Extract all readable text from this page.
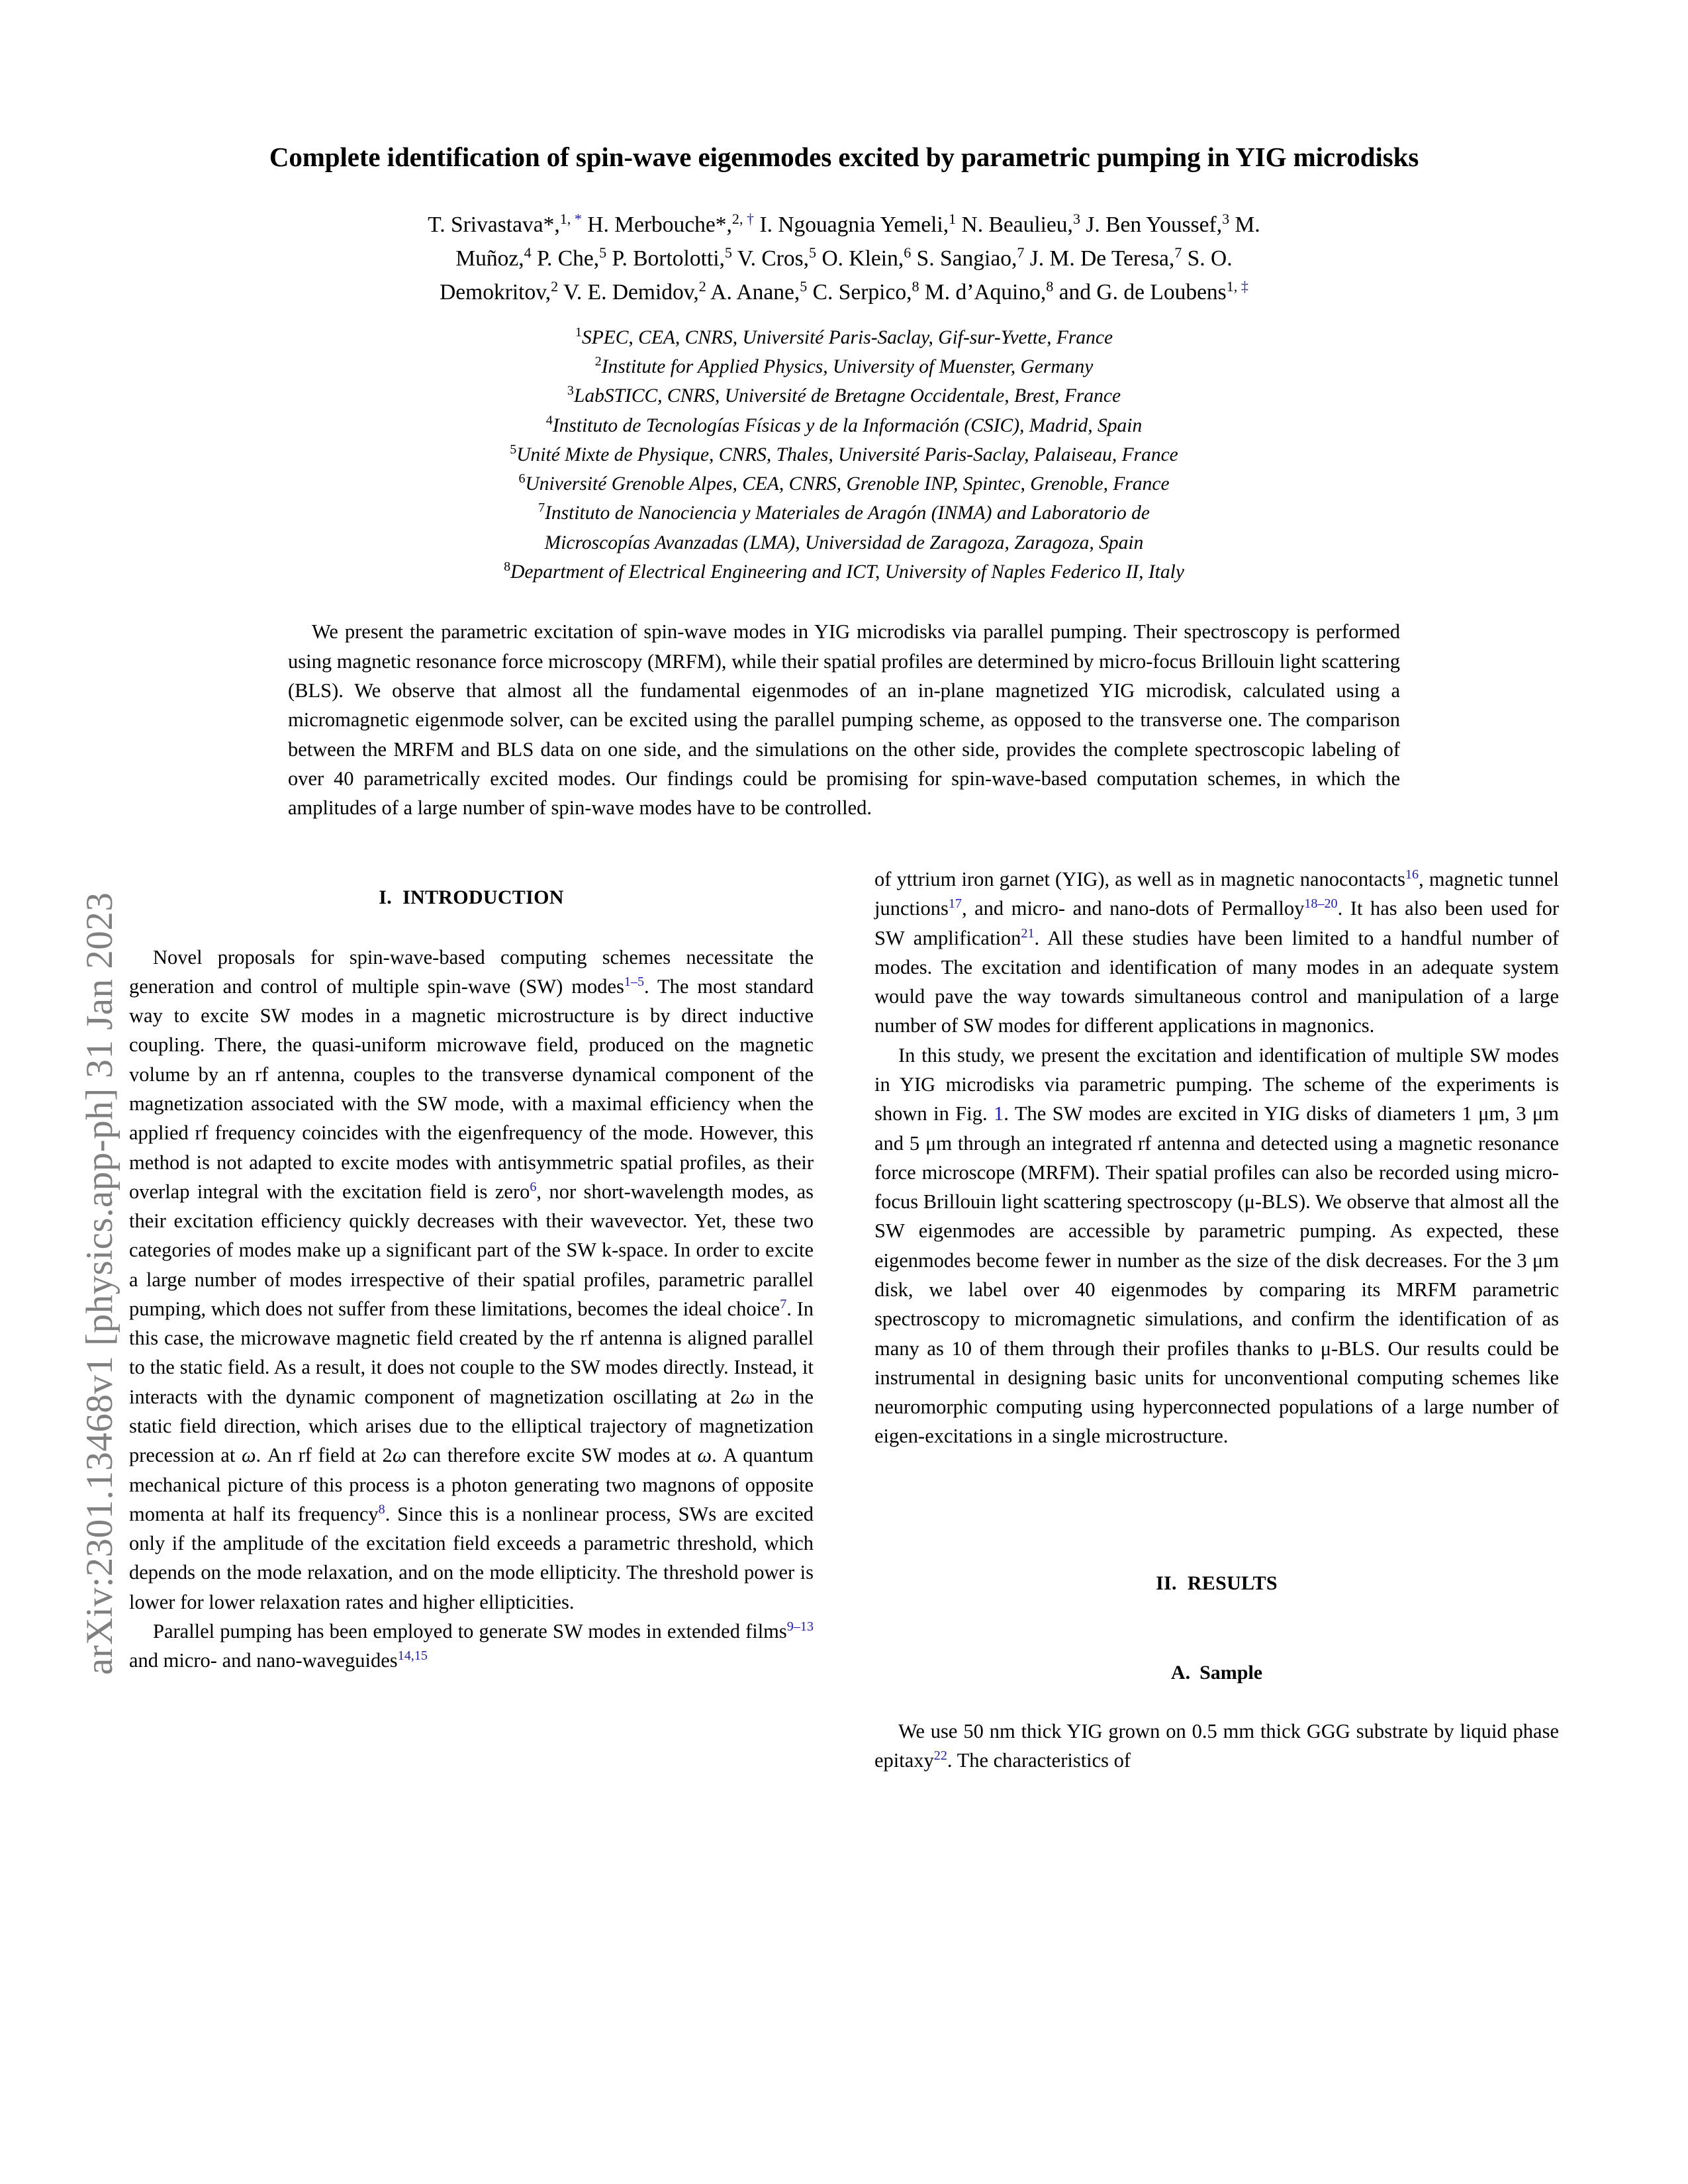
arXiv:2301.13468v1 [physics.app-ph] 31 Jan 2023
Complete identification of spin-wave eigenmodes excited by parametric pumping in YIG microdisks
T. Srivastava*,$^{1,}$ * H. Merbouche*,$^{2,}$ † I. Ngouagnia Yemeli,$^1$ N. Beaulieu,$^3$ J. Ben Youssef,$^3$ M.
Muñoz,$^4$ P. Che,$^5$ P. Bortolotti,$^5$ V. Cros,$^5$ O. Klein,$^6$ S. Sangiao,$^7$ J. M. De Teresa,$^7$ S. O.
Demokritov,$^2$ V. E. Demidov,$^2$ A. Anane,$^5$ C. Serpico,$^8$ M. d’Aquino,$^8$ and G. de Loubens$^{1,}$ ‡
$^1$SPEC, CEA, CNRS, Université Paris-Saclay, Gif-sur-Yvette, France
$^2$Institute for Applied Physics, University of Muenster, Germany
$^3$LabSTICC, CNRS, Université de Bretagne Occidentale, Brest, France
$^4$Instituto de Tecnologías Físicas y de la Información (CSIC), Madrid, Spain
$^5$Unité Mixte de Physique, CNRS, Thales, Université Paris-Saclay, Palaiseau, France
$^6$Université Grenoble Alpes, CEA, CNRS, Grenoble INP, Spintec, Grenoble, France
$^7$Instituto de Nanociencia y Materiales de Aragón (INMA) and Laboratorio de
Microscopías Avanzadas (LMA), Universidad de Zaragoza, Zaragoza, Spain
$^8$Department of Electrical Engineering and ICT, University of Naples Federico II, Italy
We present the parametric excitation of spin-wave modes in YIG microdisks via parallel pumping. Their spectroscopy is performed using magnetic resonance force microscopy (MRFM), while their spatial profiles are determined by micro-focus Brillouin light scattering (BLS). We observe that almost all the fundamental eigenmodes of an in-plane magnetized YIG microdisk, calculated using a micromagnetic eigenmode solver, can be excited using the parallel pumping scheme, as opposed to the transverse one. The comparison between the MRFM and BLS data on one side, and the simulations on the other side, provides the complete spectroscopic labeling of over 40 parametrically excited modes. Our findings could be promising for spin-wave-based computation schemes, in which the amplitudes of a large number of spin-wave modes have to be controlled.
I. INTRODUCTION

Novel proposals for spin-wave-based computing schemes necessitate the generation and control of multiple spin-wave (SW) modes$^{1-5}$. The most standard way to excite SW modes in a magnetic microstructure is by direct inductive coupling. There, the quasi-uniform microwave field, produced on the magnetic volume by an rf antenna, couples to the transverse dynamical component of the magnetization associated with the SW mode, with a maximal efficiency when the applied rf frequency coincides with the eigenfrequency of the mode. However, this method is not adapted to excite modes with antisymmetric spatial profiles, as their overlap integral with the excitation field is zero$^6$, nor short-wavelength modes, as their excitation efficiency quickly decreases with their wavevector. Yet, these two categories of modes make up a significant part of the SW k-space. In order to excite a large number of modes irrespective of their spatial profiles, parametric parallel pumping, which does not suffer from these limitations, becomes the ideal choice$^7$. In this case, the microwave magnetic field created by the rf antenna is aligned parallel to the static field. As a result, it does not couple to the SW modes directly. Instead, it interacts with the dynamic component of magnetization oscillating at 2ω in the static field direction, which arises due to the elliptical trajectory of magnetization precession at ω. An rf field at 2ω can therefore excite SW modes at ω. A quantum mechanical picture of this process is a photon generating two magnons of opposite momenta at half its frequency$^8$. Since this is a nonlinear process, SWs are excited only if the amplitude of the excitation field exceeds a parametric threshold, which depends on the mode relaxation, and on the mode ellipticity. The threshold power is lower for lower relaxation rates and higher ellipticities.

Parallel pumping has been employed to generate SW modes in extended films$^{9-13}$ and micro- and nano-waveguides$^{14,15}$

of yttrium iron garnet (YIG), as well as in magnetic nanocontacts$^{16}$, magnetic tunnel junctions$^{17}$, and micro- and nano-dots of Permalloy$^{18-20}$. It has also been used for SW amplification$^{21}$. All these studies have been limited to a handful number of modes. The excitation and identification of many modes in an adequate system would pave the way towards simultaneous control and manipulation of a large number of SW modes for different applications in magnonics.

In this study, we present the excitation and identification of multiple SW modes in YIG microdisks via parametric pumping. The scheme of the experiments is shown in Fig. 1. The SW modes are excited in YIG disks of diameters 1 μm, 3 μm and 5 μm through an integrated rf antenna and detected using a magnetic resonance force microscope (MRFM). Their spatial profiles can also be recorded using micro-focus Brillouin light scattering spectroscopy (μ-BLS). We observe that almost all the SW eigenmodes are accessible by parametric pumping. As expected, these eigenmodes become fewer in number as the size of the disk decreases. For the 3 μm disk, we label over 40 eigenmodes by comparing its MRFM parametric spectroscopy to micromagnetic simulations, and confirm the identification of as many as 10 of them through their profiles thanks to μ-BLS. Our results could be instrumental in designing basic units for unconventional computing schemes like neuromorphic computing using hyperconnected populations of a large number of eigen-excitations in a single microstructure.

II. RESULTS
A. Sample

We use 50 nm thick YIG grown on 0.5 mm thick GGG substrate by liquid phase epitaxy$^{22}$. The characteristics of
